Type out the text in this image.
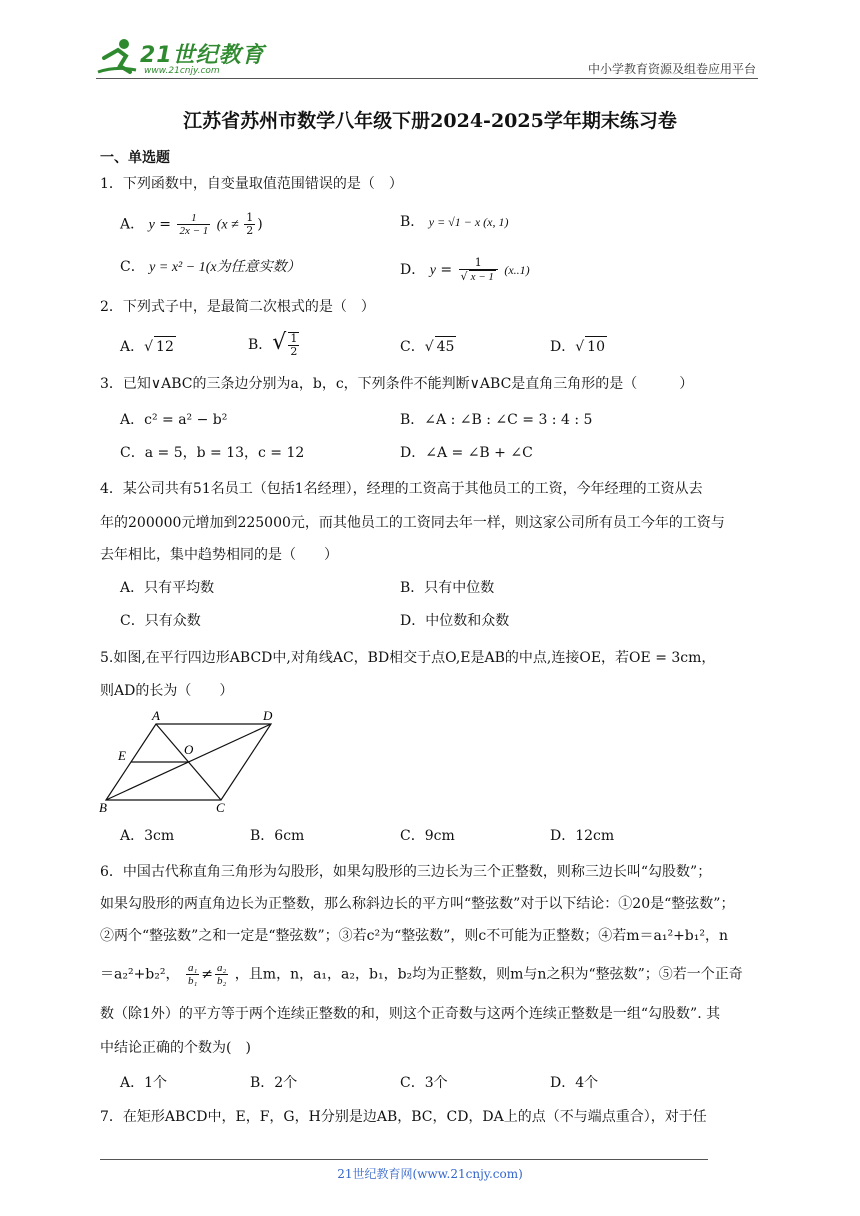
21世纪教育
www.21cnjy.com	中小学教育资源及组卷应用平台
江苏省苏州市数学八年级下册2024-2025学年期末练习卷
一、单选题
1．下列函数中，自变量取值范围错误的是（　）
A． $y = \frac{1}{2x - 1} (x \ne \frac{1}{2}$ )	B． y = √1 − x (x, 1)
C． y = x² − 1(x为任意实数）	D． $y = \frac{1}{√ x - 1} (x..1)$
2．下列式子中，是最简二次根式的是（　）
A．√ 12	B．√ $\frac{1}{2}$	C．√ 45	D．√ 10
3．已知∨ABC的三条边分别为a，b，c，下列条件不能判断∨ABC是直角三角形的是（　　　）
A．c² = a² − b²	B．∠A : ∠B : ∠C = 3 : 4 : 5
C．a = 5，b = 13，c = 12	D．∠A = ∠B + ∠C
4．某公司共有51名员工（包括1名经理），经理的工资高于其他员工的工资，今年经理的工资从去
年的200000元增加到225000元，而其他员工的工资同去年一样，则这家公司所有员工今年的工资与
去年相比，集中趋势相同的是（　　）
A．只有平均数	B．只有中位数
C．只有众数	D．中位数和众数
5.如图,在平行四边形ABCD中,对角线AC，BD相交于点O,E是AB的中点,连接OE，若OE = 3cm，
则AD的长为（　　）
A	D
B	C
E	O
A．3cm	B．6cm	C．9cm	D．12cm
6．中国古代称直角三角形为勾股形，如果勾股形的三边长为三个正整数，则称三边长叫“勾股数”；
如果勾股形的两直角边长为正整数，那么称斜边长的平方叫“整弦数”对于以下结论：①20是“整弦数”；
②两个“整弦数”之和一定是“整弦数”；③若c²为“整弦数”，则c不可能为正整数；④若m＝a₁²+b₁²，n
＝a₂²+b₂²， $\frac{\text{a₁}}{\text{b₁}} \ne \frac{\text{a₂}}{\text{b₂}}$ ，且m，n，a₁，a₂，b₁，b₂均为正整数，则m与n之积为“整弦数”；⑤若一个正奇
数（除1外）的平方等于两个连续正整数的和，则这个正奇数与这两个连续正整数是一组“勾股数”. 其
中结论正确的个数为(　)
A．1个	B．2个	C．3个	D．4个
7．在矩形ABCD中，E，F，G，H分别是边AB，BC，CD，DA上的点（不与端点重合），对于任
21世纪教育网(www.21cnjy.com)
